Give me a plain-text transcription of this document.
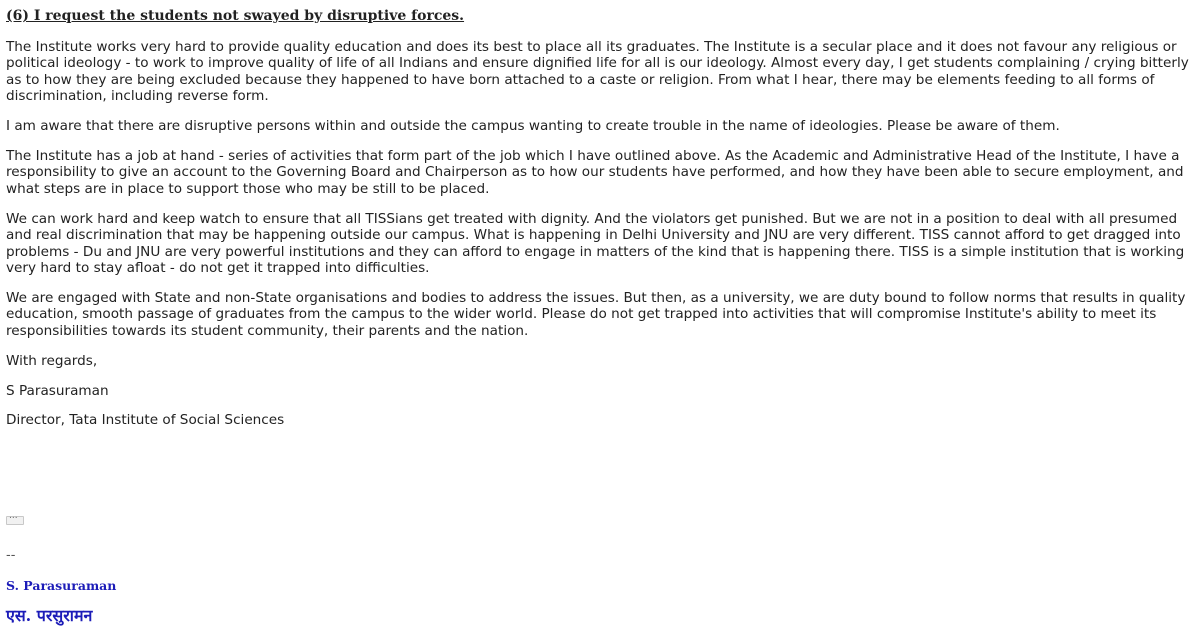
(6) I request the students not swayed by disruptive forces.
The Institute works very hard to provide quality education and does its best to place all its graduates. The Institute is a secular place and it does not favour any religious or political ideology - to work to improve quality of life of all Indians and ensure dignified life for all is our ideology. Almost every day, I get students complaining / crying bitterly as to how they are being excluded because they happened to have born attached to a caste or religion. From what I hear, there may be elements feeding to all forms of discrimination, including reverse form.
I am aware that there are disruptive persons within and outside the campus wanting to create trouble in the name of ideologies. Please be aware of them.
The Institute has a job at hand - series of activities that form part of the job which I have outlined above. As the Academic and Administrative Head of the Institute, I have a responsibility to give an account to the Governing Board and Chairperson as to how our students have performed, and how they have been able to secure employment, and what steps are in place to support those who may be still to be placed.
We can work hard and keep watch to ensure that all TISSians get treated with dignity. And the violators get punished. But we are not in a position to deal with all presumed and real discrimination that may be happening outside our campus. What is happening in Delhi University and JNU are very different. TISS cannot afford to get dragged into problems - Du and JNU are very powerful institutions and they can afford to engage in matters of the kind that is happening there. TISS is a simple institution that is working very hard to stay afloat - do not get it trapped into difficulties.
We are engaged with State and non-State organisations and bodies to address the issues. But then, as a university, we are duty bound to follow norms that results in quality education, smooth passage of graduates from the campus to the wider world. Please do not get trapped into activities that will compromise Institute's ability to meet its responsibilities towards its student community, their parents and the nation.
With regards,
S Parasuraman
Director, Tata Institute of Social Sciences
...
--
S. Parasuraman
एस. परसुरामन
